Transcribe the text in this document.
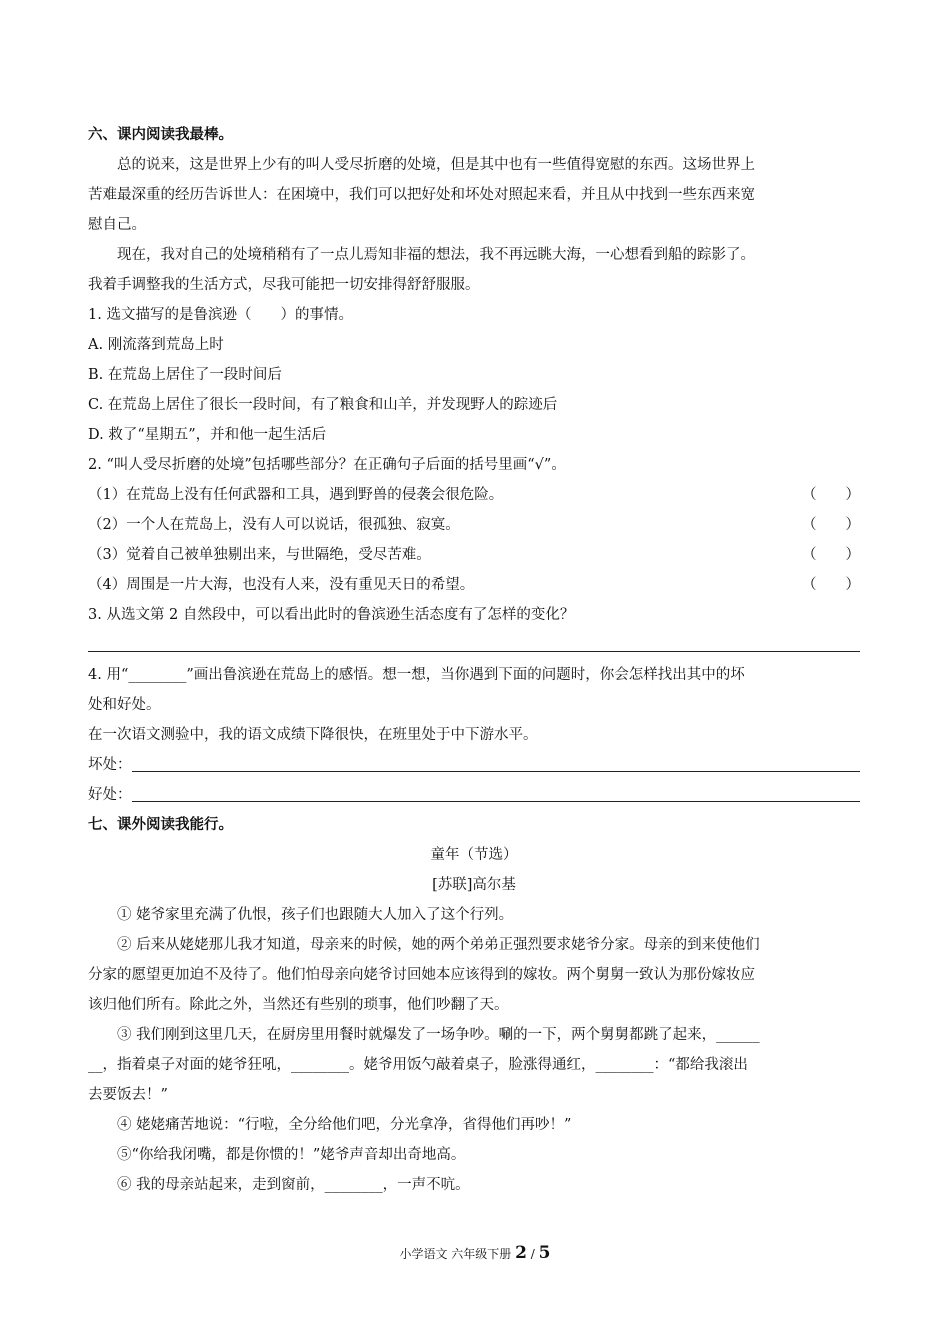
六、课内阅读我最棒。
总的说来，这是世界上少有的叫人受尽折磨的处境，但是其中也有一些值得宽慰的东西。这场世界上
苦难最深重的经历告诉世人：在困境中，我们可以把好处和坏处对照起来看，并且从中找到一些东西来宽
慰自己。
现在，我对自己的处境稍稍有了一点儿焉知非福的想法，我不再远眺大海，一心想看到船的踪影了。
我着手调整我的生活方式，尽我可能把一切安排得舒舒服服。
1. 选文描写的是鲁滨逊（　　）的事情。
A. 刚流落到荒岛上时
B. 在荒岛上居住了一段时间后
C. 在荒岛上居住了很长一段时间，有了粮食和山羊，并发现野人的踪迹后
D. 救了“星期五”，并和他一起生活后
2. “叫人受尽折磨的处境”包括哪些部分？在正确句子后面的括号里画“√”。
（1）在荒岛上没有任何武器和工具，遇到野兽的侵袭会很危险。	（　　）
（2）一个人在荒岛上，没有人可以说话，很孤独、寂寞。	（　　）
（3）觉着自己被单独剔出来，与世隔绝，受尽苦难。	（　　）
（4）周围是一片大海，也没有人来，没有重见天日的希望。	（　　）
3. 从选文第 2 自然段中，可以看出此时的鲁滨逊生活态度有了怎样的变化？
4. 用“________”画出鲁滨逊在荒岛上的感悟。想一想，当你遇到下面的问题时，你会怎样找出其中的坏
处和好处。
在一次语文测验中，我的语文成绩下降很快，在班里处于中下游水平。
坏处：
好处：
七、课外阅读我能行。
童年（节选）
[苏联]高尔基
① 姥爷家里充满了仇恨，孩子们也跟随大人加入了这个行列。
② 后来从姥姥那儿我才知道，母亲来的时候，她的两个弟弟正强烈要求姥爷分家。母亲的到来使他们
分家的愿望更加迫不及待了。他们怕母亲向姥爷讨回她本应该得到的嫁妆。两个舅舅一致认为那份嫁妆应
该归他们所有。除此之外，当然还有些别的琐事，他们吵翻了天。
③ 我们刚到这里几天，在厨房里用餐时就爆发了一场争吵。唰的一下，两个舅舅都跳了起来，______
__，指着桌子对面的姥爷狂吼，________。姥爷用饭勺敲着桌子，脸涨得通红，________：“都给我滚出
去要饭去！”
④ 姥姥痛苦地说：“行啦，全分给他们吧，分光拿净，省得他们再吵！”
⑤“你给我闭嘴，都是你惯的！”姥爷声音却出奇地高。
⑥ 我的母亲站起来，走到窗前，________，一声不吭。
小学语文 六年级下册 2 / 5
